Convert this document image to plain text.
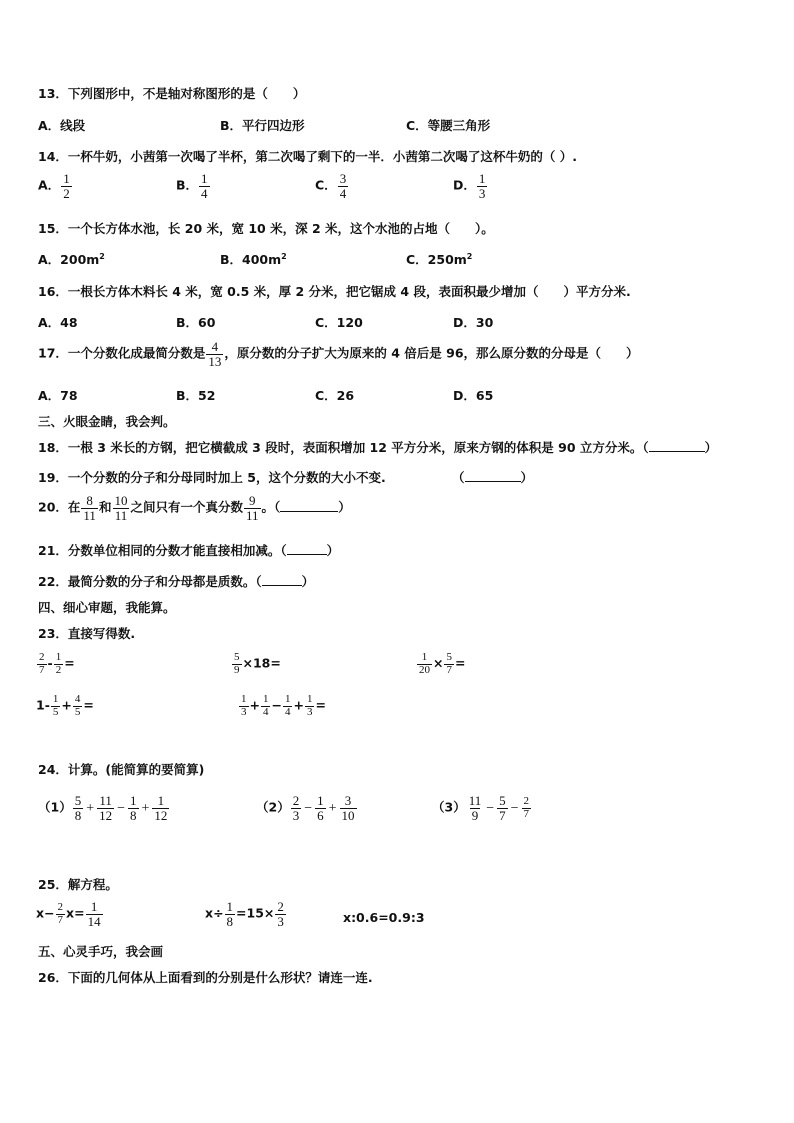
13．下列图形中，不是轴对称图形的是（　　）
A．线段	B．平行四边形	C．等腰三角形
14．一杯牛奶，小茜第一次喝了半杯，第二次喝了剩下的一半．小茜第二次喝了这杯牛奶的（ ）.
A． $\frac{1}{2}$	B． $\frac{1}{4}$	C． $\frac{3}{4}$	D． $\frac{1}{3}$
15．一个长方体水池，长 20 米，宽 10 米，深 2 米，这个水池的占地（　　）。
A．$200m^2$	B．$400m^2$	C．$250m^2$
16．一根长方体木料长 4 米，宽 0.5 米，厚 2 分米，把它锯成 4 段，表面积最少增加（　　）平方分米.
A．48	B．60	C．120	D．30
17．一个分数化成最简分数是 $\frac{4}{13}$ ，原分数的分子扩大为原来的 4 倍后是 96，那么原分数的分母是（　　）
A．78	B．52	C．26	D．65
三、火眼金睛，我会判。
18．一根 3 米长的方钢，把它横截成 3 段时，表面积增加 12 平方分米，原来方钢的体积是 90 立方分米。（	）
19．一个分数的分子和分母同时加上 5，这个分数的大小不变.	（	）
20．在 $\frac{8}{11}$ 和 $\frac{10}{11}$ 之间只有一个真分数 $\frac{9}{11}$ 。（	）
21．分数单位相同的分数才能直接相加减。（	）
22．最简分数的分子和分母都是质数。（	）
四、细心审题，我能算。
23．直接写得数.
$\frac{2}{7} - \frac{1}{2}$ =	$\frac{5}{9} \times 18=$	$\frac{1}{20} \times \frac{5}{7}$ =
$1- \frac{1}{5} + \frac{4}{5}$ =	$\frac{1}{3} + \frac{1}{4} - \frac{1}{4} + \frac{1}{3}$ =
24．计算。(能简算的要简算)
$(1) \frac{5}{8} + \frac{11}{12} - \frac{1}{8} + \frac{1}{12}$	$(2) \frac{2}{3} - \frac{1}{6} + \frac{3}{10}$	$(3) \frac{11}{9} - \frac{5}{7} - \frac{2}{7}$
25．解方程。
$x- \frac{2}{7} x= \frac{1}{14}$	$x\div \frac{1}{8} =15\times \frac{2}{3}$	x:0.6=0.9:3
五、心灵手巧，我会画
26．下面的几何体从上面看到的分别是什么形状？请连一连.
